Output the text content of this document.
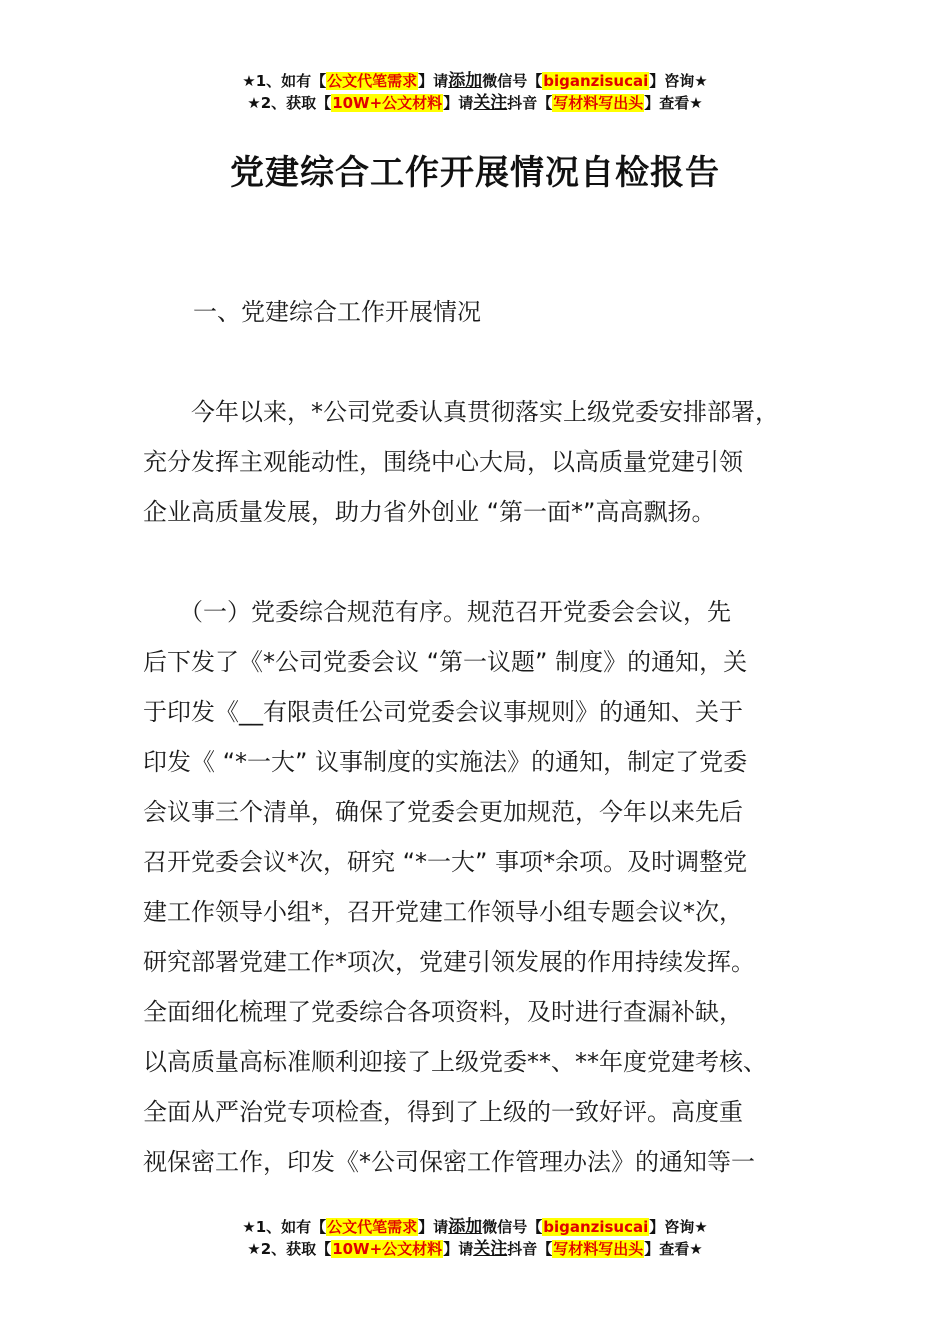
★1、如有【公文代笔需求】请添加微信号【biganzisucai】咨询★
★2、获取【10W+公文材料】请关注抖音【写材料写出头】查看★
党建综合工作开展情况自检报告
一、党建综合工作开展情况
　　今年以来，*公司党委认真贯彻落实上级党委安排部署，
充分发挥主观能动性，围绕中心大局，以高质量党建引领
企业高质量发展，助力省外创业 “第一面*”高高飘扬。
　　（一）党委综合规范有序。规范召开党委会会议，先
后下发了《*公司党委会议 “第一议题” 制度》的通知，关
于印发《__有限责任公司党委会议事规则》的通知、关于
印发《 “*一大” 议事制度的实施法》的通知，制定了党委
会议事三个清单，确保了党委会更加规范，今年以来先后
召开党委会议*次，研究 “*一大” 事项*余项。及时调整党
建工作领导小组*，召开党建工作领导小组专题会议*次，
研究部署党建工作*项次，党建引领发展的作用持续发挥。
全面细化梳理了党委综合各项资料，及时进行查漏补缺，
以高质量高标准顺利迎接了上级党委**、**年度党建考核、
全面从严治党专项检查，得到了上级的一致好评。高度重
视保密工作，印发《*公司保密工作管理办法》的通知等一
★1、如有【公文代笔需求】请添加微信号【biganzisucai】咨询★
★2、获取【10W+公文材料】请关注抖音【写材料写出头】查看★
